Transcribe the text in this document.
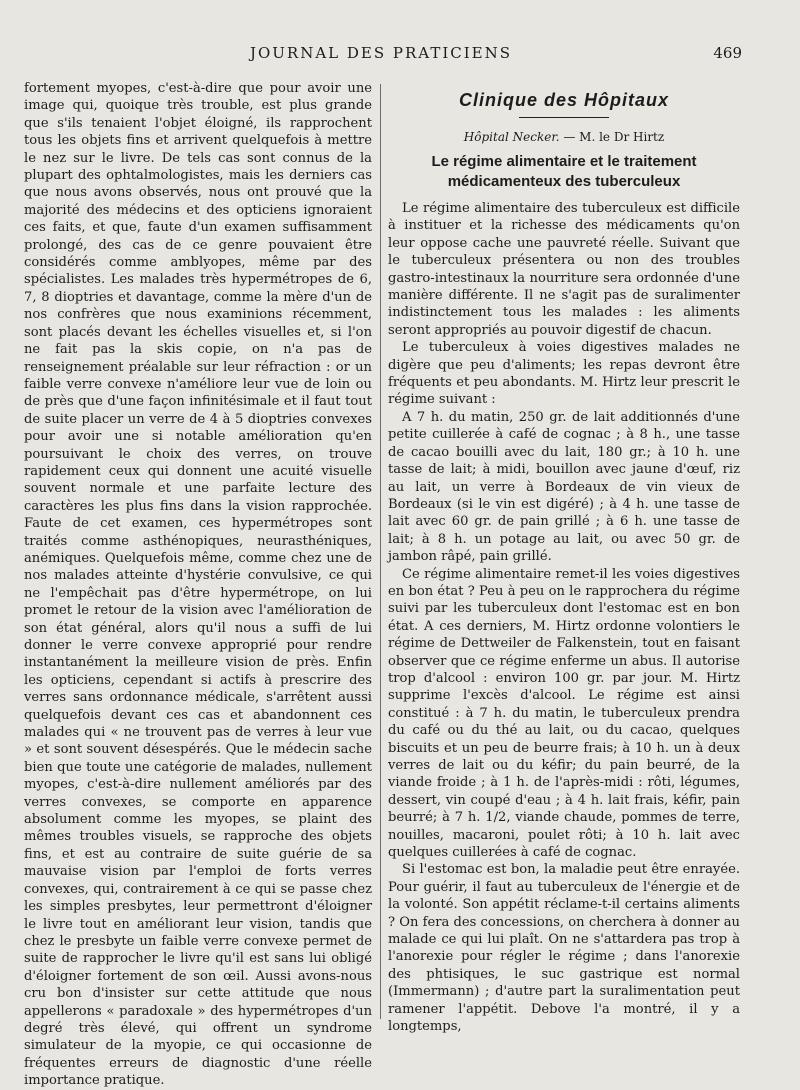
JOURNAL DES PRATICIENS	469

fortement myopes, c'est-à-dire que pour avoir une image qui, quoique très trouble, est plus grande que s'ils tenaient l'objet éloigné, ils rapprochent tous les objets fins et arrivent quelquefois à mettre le nez sur le livre. De tels cas sont connus de la plupart des ophtalmologistes, mais les derniers cas que nous avons observés, nous ont prouvé que la majorité des médecins et des opticiens ignoraient ces faits, et que, faute d'un examen suffisamment prolongé, des cas de ce genre pouvaient être considérés comme amblyopes, même par des spécialistes. Les malades très hypermétropes de 6, 7, 8 dioptries et davantage, comme la mère d'un de nos confrères que nous examinions récemment, sont placés devant les échelles visuelles et, si l'on ne fait pas la skis copie, on n'a pas de renseignement préalable sur leur réfraction : or un faible verre convexe n'améliore leur vue de loin ou de près que d'une façon infinitésimale et il faut tout de suite placer un verre de 4 à 5 dioptries convexes pour avoir une si notable amélioration qu'en poursuivant le choix des verres, on trouve rapidement ceux qui donnent une acuité visuelle souvent normale et une parfaite lecture des caractères les plus fins dans la vision rapprochée. Faute de cet examen, ces hypermétropes sont traités comme asthénopiques, neurasthéniques, anémiques. Quelquefois même, comme chez une de nos malades atteinte d'hystérie convulsive, ce qui ne l'empêchait pas d'être hypermétrope, on lui promet le retour de la vision avec l'amélioration de son état général, alors qu'il nous a suffi de lui donner le verre convexe approprié pour rendre instantanément la meilleure vision de près. Enfin les opticiens, cependant si actifs à prescrire des verres sans ordonnance médicale, s'arrêtent aussi quelquefois devant ces cas et abandonnent ces malades qui « ne trouvent pas de verres à leur vue » et sont souvent désespérés. Que le médecin sache bien que toute une catégorie de malades, nullement myopes, c'est-à-dire nullement améliorés par des verres convexes, se comporte en apparence absolument comme les myopes, se plaint des mêmes troubles visuels, se rapproche des objets fins, et est au contraire de suite guérie de sa mauvaise vision par l'emploi de forts verres convexes, qui, contrairement à ce qui se passe chez les simples presbytes, leur permettront d'éloigner le livre tout en améliorant leur vision, tandis que chez le presbyte un faible verre convexe permet de suite de rapprocher le livre qu'il est sans lui obligé d'éloigner fortement de son œil. Aussi avons-nous cru bon d'insister sur cette attitude que nous appellerons « paradoxale » des hypermétropes d'un degré très élevé, qui offrent un syndrome simulateur de la myopie, ce qui occasionne de fréquentes erreurs de diagnostic d'une réelle importance pratique.

Clinique des Hôpitaux
Hôpital Necker. — M. le Dr Hirtz
Le régime alimentaire et le traitement médicamenteux des tuberculeux

Le régime alimentaire des tuberculeux est difficile à instituer et la richesse des médicaments qu'on leur oppose cache une pauvreté réelle. Suivant que le tuberculeux présentera ou non des troubles gastro-intestinaux la nourriture sera ordonnée d'une manière différente. Il ne s'agit pas de suralimenter indistinctement tous les malades : les aliments seront appropriés au pouvoir digestif de chacun.

Le tuberculeux à voies digestives malades ne digère que peu d'aliments; les repas devront être fréquents et peu abondants. M. Hirtz leur prescrit le régime suivant :

A 7 h. du matin, 250 gr. de lait additionnés d'une petite cuillerée à café de cognac ; à 8 h., une tasse de cacao bouilli avec du lait, 180 gr.; à 10 h. une tasse de lait; à midi, bouillon avec jaune d'œuf, riz au lait, un verre à Bordeaux de vin vieux de Bordeaux (si le vin est digéré) ; à 4 h. une tasse de lait avec 60 gr. de pain grillé ; à 6 h. une tasse de lait; à 8 h. un potage au lait, ou avec 50 gr. de jambon râpé, pain grillé.

Ce régime alimentaire remet-il les voies digestives en bon état ? Peu à peu on le rapprochera du régime suivi par les tuberculeux dont l'estomac est en bon état. A ces derniers, M. Hirtz ordonne volontiers le régime de Dettweiler de Falkenstein, tout en faisant observer que ce régime enferme un abus. Il autorise trop d'alcool : environ 100 gr. par jour. M. Hirtz supprime l'excès d'alcool. Le régime est ainsi constitué : à 7 h. du matin, le tuberculeux prendra du café ou du thé au lait, ou du cacao, quelques biscuits et un peu de beurre frais; à 10 h. un à deux verres de lait ou du kéfir; du pain beurré, de la viande froide ; à 1 h. de l'après-midi : rôti, légumes, dessert, vin coupé d'eau ; à 4 h. lait frais, kéfir, pain beurré; à 7 h. 1/2, viande chaude, pommes de terre, nouilles, macaroni, poulet rôti; à 10 h. lait avec quelques cuillerées à café de cognac.

Si l'estomac est bon, la maladie peut être enrayée. Pour guérir, il faut au tuberculeux de l'énergie et de la volonté. Son appétit réclame-t-il certains aliments ? On fera des concessions, on cherchera à donner au malade ce qui lui plaît. On ne s'attardera pas trop à l'anorexie pour régler le régime ; dans l'anorexie des phtisiques, le suc gastrique est normal (Immermann) ; d'autre part la suralimentation peut ramener l'appétit. Debove l'a montré, il y a longtemps,
